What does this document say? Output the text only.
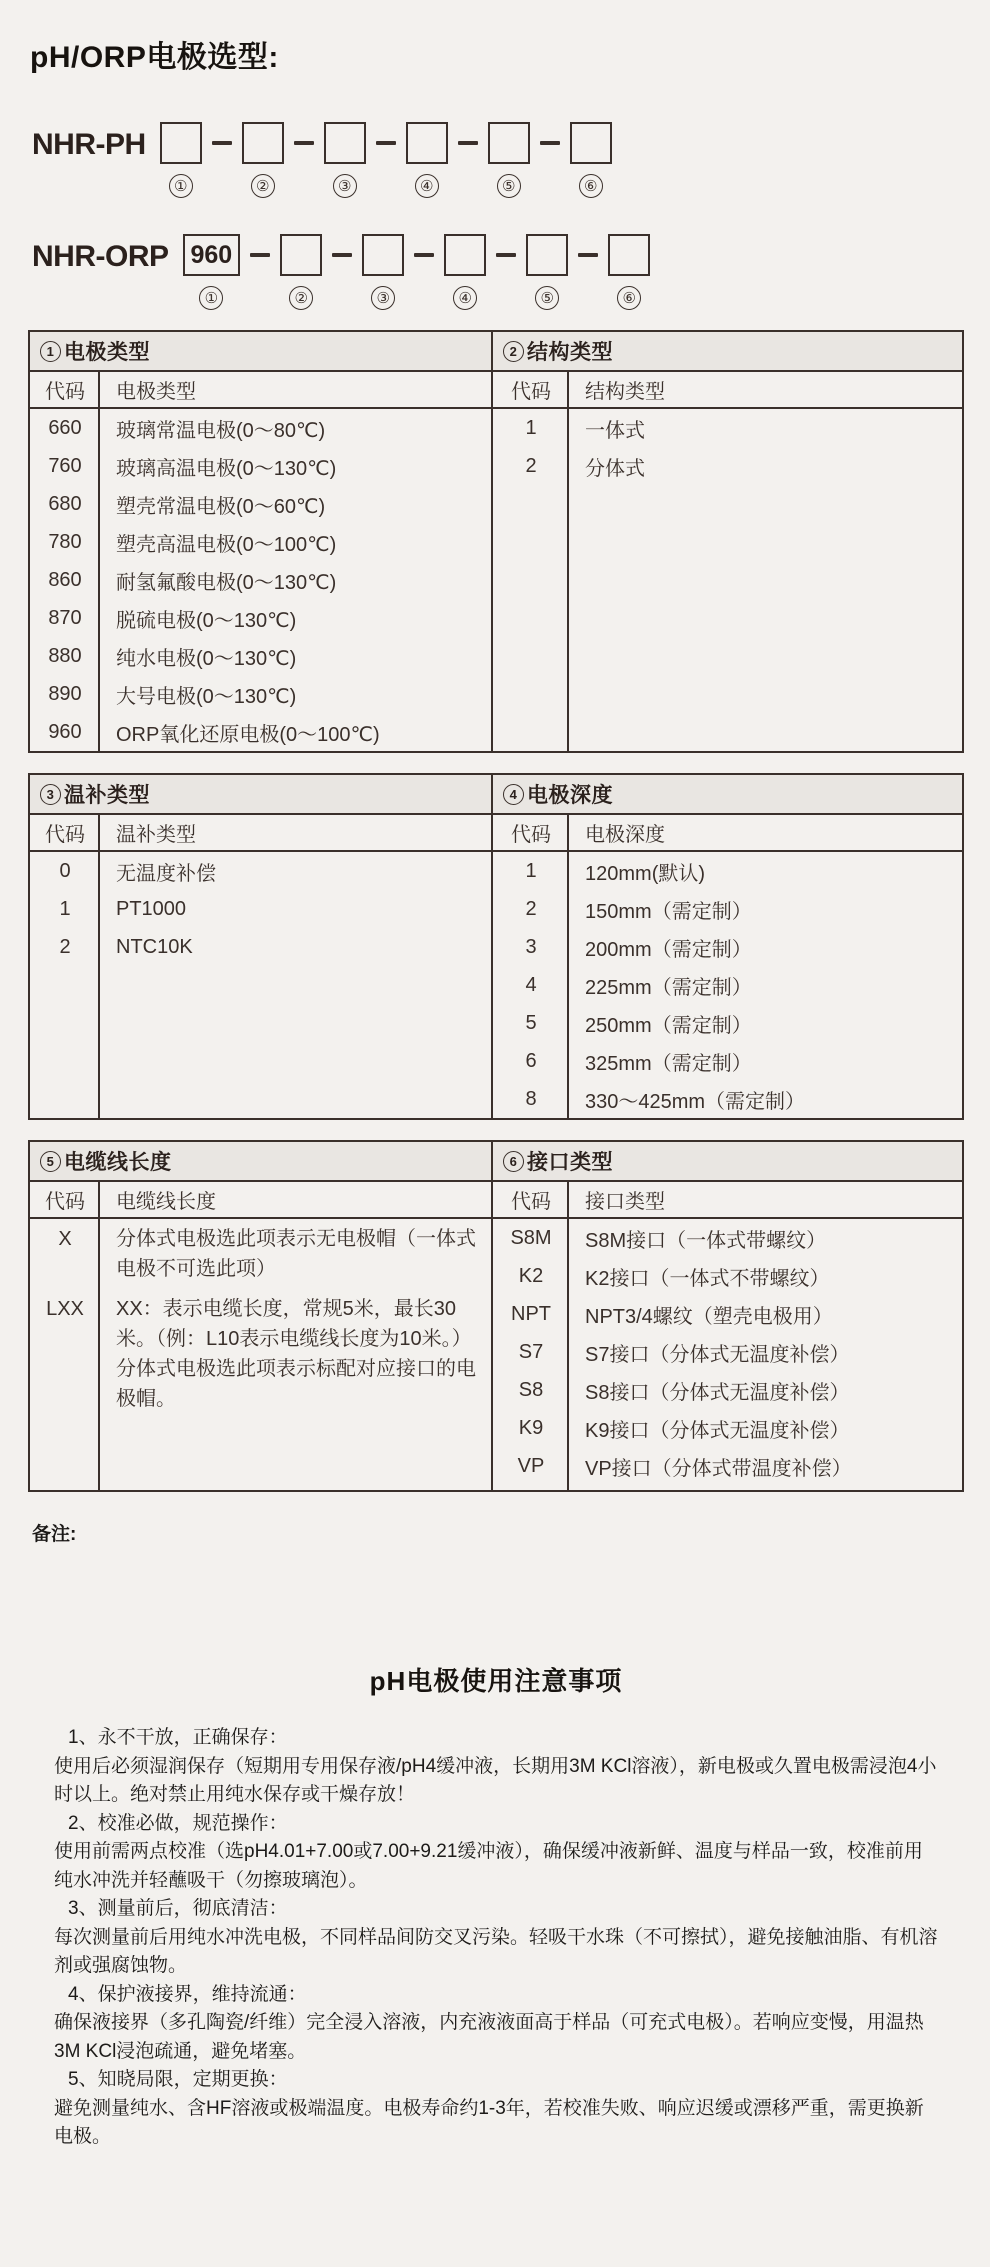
pH/ORP电极选型:
NHR-PH
①	②	③	④	⑤	⑥
NHR-ORP 960
①	②	③	④	⑤	⑥
1 电极类型
代码	电极类型
660	玻璃常温电极(0～80℃)
760	玻璃高温电极(0～130℃)
680	塑壳常温电极(0～60℃)
780	塑壳高温电极(0～100℃)
860	耐氢氟酸电极(0～130℃)
870	脱硫电极(0～130℃)
880	纯水电极(0～130℃)
890	大号电极(0～130℃)
960	ORP氧化还原电极(0～100℃)
2 结构类型
代码	结构类型
1	一体式
2	分体式
3 温补类型
代码	温补类型
0	无温度补偿
1	PT1000
2	NTC10K
4 电极深度
代码	电极深度
1	120mm(默认)
2	150mm（需定制）
3	200mm（需定制）
4	225mm（需定制）
5	250mm（需定制）
6	325mm（需定制）
8	330～425mm（需定制）
5 电缆线长度
代码	电缆线长度
X	分体式电极选此项表示无电极帽（一体式电极不可选此项）
LXX	XX：表示电缆长度，常规5米，最长30米。（例：L10表示电缆线长度为10米。）分体式电极选此项表示标配对应接口的电极帽。
6 接口类型
代码	接口类型
S8M	S8M接口（一体式带螺纹）
K2	K2接口（一体式不带螺纹）
NPT	NPT3/4螺纹（塑壳电极用）
S7	S7接口（分体式无温度补偿）
S8	S8接口（分体式无温度补偿）
K9	K9接口（分体式无温度补偿）
VP	VP接口（分体式带温度补偿）
备注:
pH电极使用注意事项
1、永不干放，正确保存：
使用后必须湿润保存（短期用专用保存液/pH4缓冲液，长期用3M KCl溶液），新电极或久置电极需浸泡4小时以上。绝对禁止用纯水保存或干燥存放！
2、校准必做，规范操作：
使用前需两点校准（选pH4.01+7.00或7.00+9.21缓冲液），确保缓冲液新鲜、温度与样品一致，校准前用纯水冲洗并轻蘸吸干（勿擦玻璃泡）。
3、测量前后，彻底清洁：
每次测量前后用纯水冲洗电极，不同样品间防交叉污染。轻吸干水珠（不可擦拭），避免接触油脂、有机溶剂或强腐蚀物。
4、保护液接界，维持流通：
确保液接界（多孔陶瓷/纤维）完全浸入溶液，内充液液面高于样品（可充式电极）。若响应变慢，用温热3M KCl浸泡疏通，避免堵塞。
5、知晓局限，定期更换：
避免测量纯水、含HF溶液或极端温度。电极寿命约1-3年，若校准失败、响应迟缓或漂移严重，需更换新电极。
